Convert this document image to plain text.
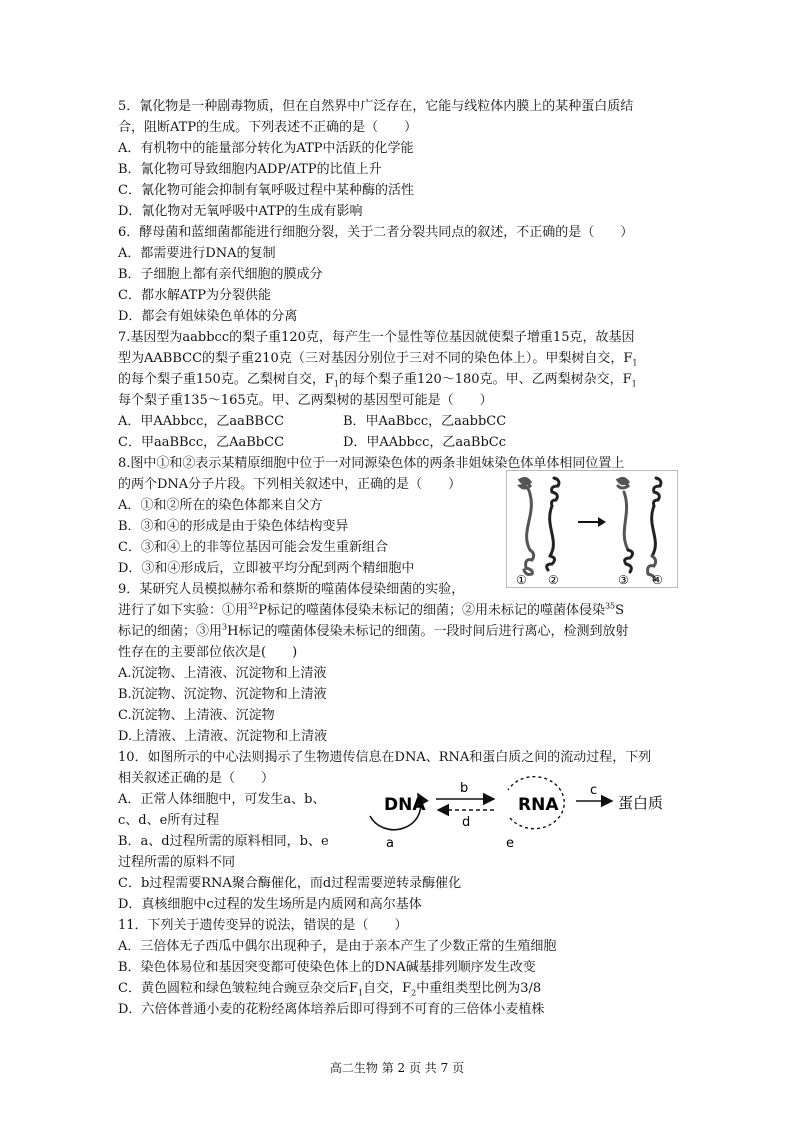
5．氰化物是一种剧毒物质，但在自然界中广泛存在，它能与线粒体内膜上的某种蛋白质结
合，阻断ATP的生成。下列表述不正确的是（　　）
A．有机物中的能量部分转化为ATP中活跃的化学能
B．氰化物可导致细胞内ADP/ATP的比值上升
C．氰化物可能会抑制有氧呼吸过程中某种酶的活性
D．氰化物对无氧呼吸中ATP的生成有影响
6．酵母菌和蓝细菌都能进行细胞分裂，关于二者分裂共同点的叙述，不正确的是（　　）
A．都需要进行DNA的复制
B．子细胞上都有亲代细胞的膜成分
C．都水解ATP为分裂供能
D．都会有姐妹染色单体的分离
7.基因型为aabbcc的梨子重120克，每产生一个显性等位基因就使梨子增重15克，故基因
型为AABBCC的梨子重210克（三对基因分别位于三对不同的染色体上）。甲梨树自交，$F_1$
的每个梨子重150克。乙梨树自交，$F_1$的每个梨子重120～180克。甲、乙两梨树杂交，$F_1$
每个梨子重135～165克。甲、乙两梨树的基因型可能是（　　）
A．甲AAbbcc，乙aaBBCC	B．甲AaBbcc，乙aabbCC
C．甲aaBBcc，乙AaBbCC	D．甲AAbbcc，乙aaBbCc
8.图中①和②表示某精原细胞中位于一对同源染色体的两条非姐妹染色体单体相同位置上
的两个DNA分子片段。下列相关叙述中，正确的是（　　）
A．①和②所在的染色体都来自父方
B．③和④的形成是由于染色体结构变异
C．③和④上的非等位基因可能会发生重新组合
D．③和④形成后，立即被平均分配到两个精细胞中
9．某研究人员模拟赫尔希和蔡斯的噬菌体侵染细菌的实验，
进行了如下实验：①用$^{32}$P标记的噬菌体侵染未标记的细菌；②用未标记的噬菌体侵染$^{35}$S
标记的细菌；③用$^3$H标记的噬菌体侵染未标记的细菌。一段时间后进行离心，检测到放射
性存在的主要部位依次是(　　)
A.沉淀物、上清液、沉淀物和上清液
B.沉淀物、沉淀物、沉淀物和上清液
C.沉淀物、上清液、沉淀物
D.上清液、上清液、沉淀物和上清液
10．如图所示的中心法则揭示了生物遗传信息在DNA、RNA和蛋白质之间的流动过程，下列
相关叙述正确的是（　　）
A．正常人体细胞中，可发生a、b、
c、d、e所有过程
B．a、d过程所需的原料相同，b、e
过程所需的原料不同
C．b过程需要RNA聚合酶催化，而d过程需要逆转录酶催化
D．真核细胞中c过程的发生场所是内质网和高尔基体
11．下列关于遗传变异的说法，错误的是（　　）
A．三倍体无子西瓜中偶尔出现种子，是由于亲本产生了少数正常的生殖细胞
B．染色体易位和基因突变都可使染色体上的DNA碱基排列顺序发生改变
C．黄色圆粒和绿色皱粒纯合豌豆杂交后$F_1$自交，$F_2$中重组类型比例为3/8
D．六倍体普通小麦的花粉经离体培养后即可得到不可育的三倍体小麦植株
① ②	③ ④
DNA
a
b
d
RNA
e
c
蛋白质
高二生物 第 2 页 共 7 页
